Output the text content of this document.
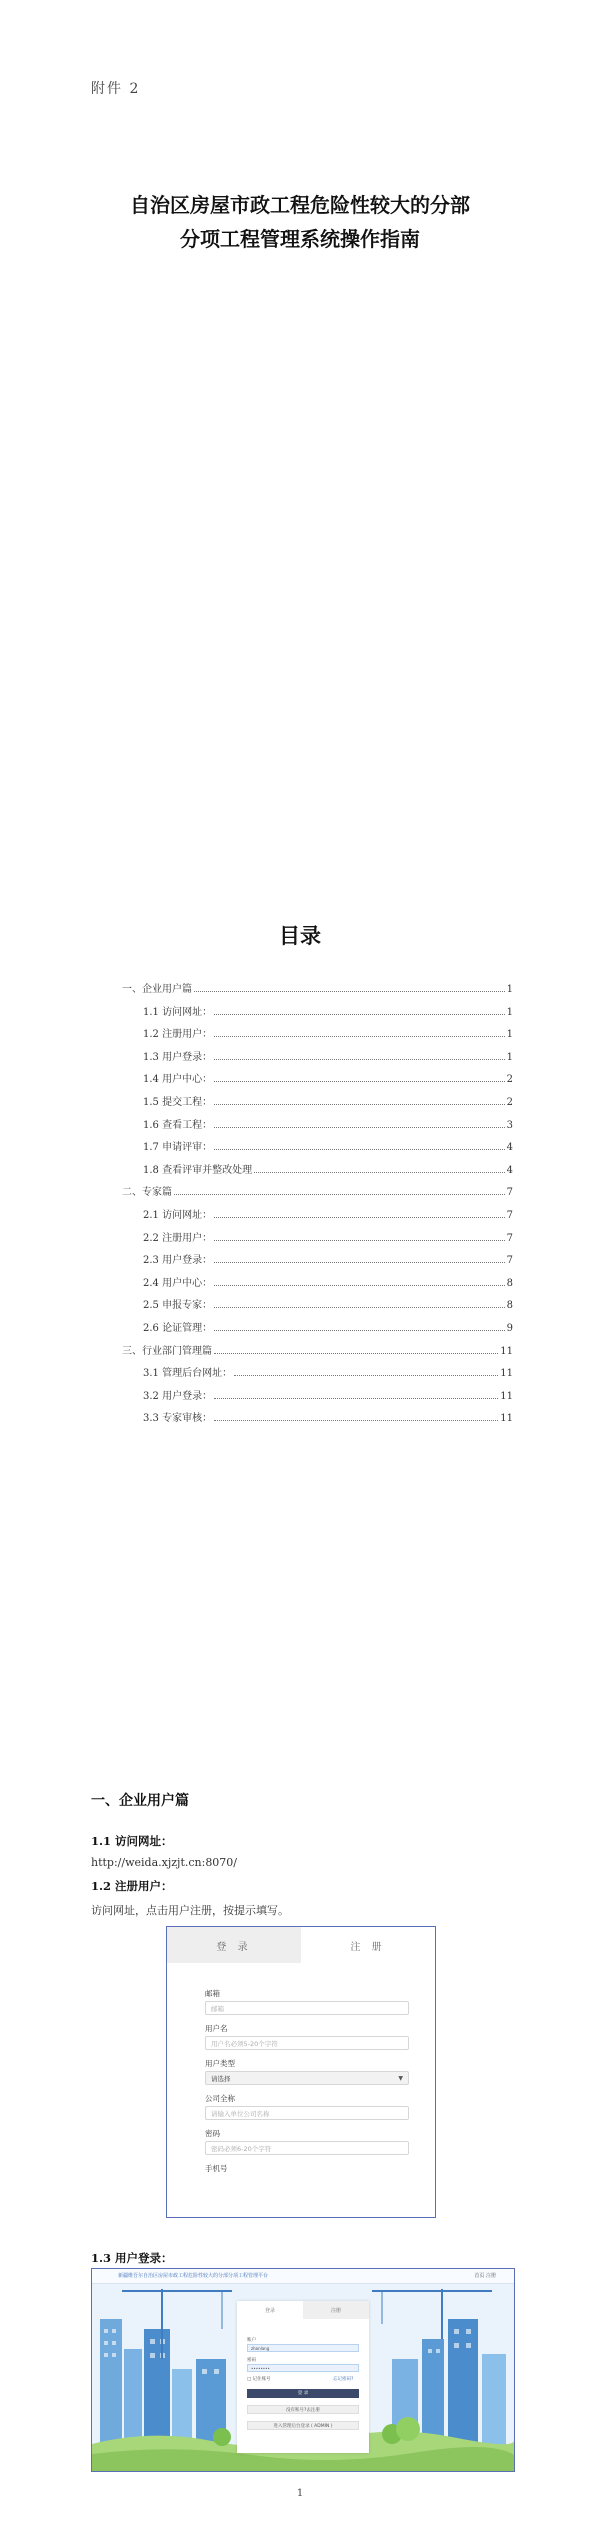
附件 2
自治区房屋市政工程危险性较大的分部
分项工程管理系统操作指南
目录
一、企业用户篇	1
1.1 访问网址：	1
1.2 注册用户：	1
1.3 用户登录：	1
1.4 用户中心：	2
1.5 提交工程：	2
1.6 查看工程：	3
1.7 申请评审：	4
1.8 查看评审并整改处理	4
二、专家篇	7
2.1 访问网址：	7
2.2 注册用户：	7
2.3 用户登录：	7
2.4 用户中心：	8
2.5 申报专家：	8
2.6 论证管理：	9
三、行业部门管理篇	11
3.1 管理后台网址：	11
3.2 用户登录：	11
3.3 专家审核：	11
一、企业用户篇
1.1 访问网址：
http://weida.xjzjt.cn:8070/
1.2 注册用户：
访问网址，点击用户注册，按提示填写。
登 录	注 册
邮箱
邮箱
用户名
用户名必须5-20个字符
用户类型
请选择	▼
公司全称
请输入单位公司名称
密码
密码必须6-20个字符
手机号
1.3 用户登录：
新疆维吾尔自治区房屋市政工程危险性较大的分部分项工程管理平台	首页 注册
登录	注册
账户
zhanlang
密码
••••••••
□ 记住账号	忘记密码?
登 录
没有账号?去注册
进入管理后台登录 ( ADMIN )
1
